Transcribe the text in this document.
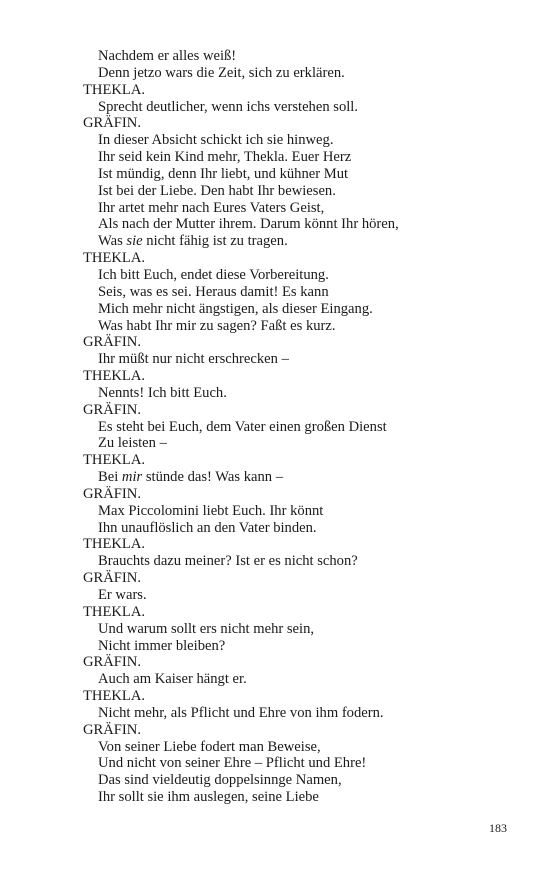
Nachdem er alles weiß!
Denn jetzo wars die Zeit, sich zu erklären.
THEKLA.
Sprecht deutlicher, wenn ichs verstehen soll.
GRÄFIN.
In dieser Absicht schickt ich sie hinweg.
Ihr seid kein Kind mehr, Thekla. Euer Herz
Ist mündig, denn Ihr liebt, und kühner Mut
Ist bei der Liebe. Den habt Ihr bewiesen.
Ihr artet mehr nach Eures Vaters Geist,
Als nach der Mutter ihrem. Darum könnt Ihr hören,
Was sie nicht fähig ist zu tragen.
THEKLA.
Ich bitt Euch, endet diese Vorbereitung.
Seis, was es sei. Heraus damit! Es kann
Mich mehr nicht ängstigen, als dieser Eingang.
Was habt Ihr mir zu sagen? Faßt es kurz.
GRÄFIN.
Ihr müßt nur nicht erschrecken –
THEKLA.
Nennts! Ich bitt Euch.
GRÄFIN.
Es steht bei Euch, dem Vater einen großen Dienst
Zu leisten –
THEKLA.
Bei mir stünde das! Was kann –
GRÄFIN.
Max Piccolomini liebt Euch. Ihr könnt
Ihn unauflöslich an den Vater binden.
THEKLA.
Brauchts dazu meiner? Ist er es nicht schon?
GRÄFIN.
Er wars.
THEKLA.
Und warum sollt ers nicht mehr sein,
Nicht immer bleiben?
GRÄFIN.
Auch am Kaiser hängt er.
THEKLA.
Nicht mehr, als Pflicht und Ehre von ihm fodern.
GRÄFIN.
Von seiner Liebe fodert man Beweise,
Und nicht von seiner Ehre – Pflicht und Ehre!
Das sind vieldeutig doppelsinnge Namen,
Ihr sollt sie ihm auslegen, seine Liebe
183
